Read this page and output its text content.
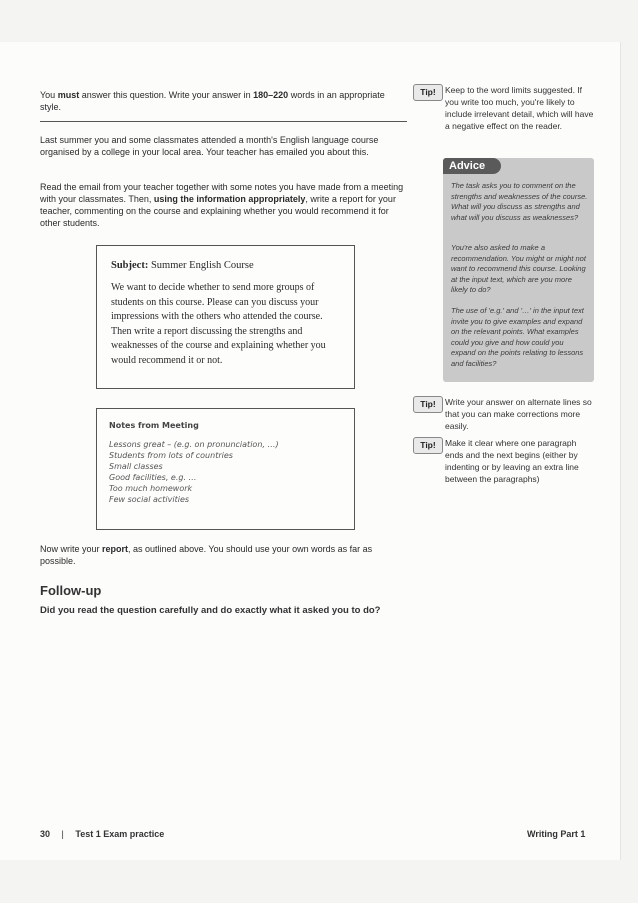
You must answer this question. Write your answer in 180–220 words in an appropriate style.
Last summer you and some classmates attended a month's English language course organised by a college in your local area. Your teacher has emailed you about this.
Read the email from your teacher together with some notes you have made from a meeting with your classmates. Then, using the information appropriately, write a report for your teacher, commenting on the course and explaining whether you would recommend it for other students.
Subject: Summer English Course
We want to decide whether to send more groups of students on this course. Please can you discuss your impressions with the others who attended the course. Then write a report discussing the strengths and weaknesses of the course and explaining whether you would recommend it or not.
Notes from Meeting
Lessons great – (e.g. on pronunciation, …)
Students from lots of countries
Small classes
Good facilities, e.g. …
Too much homework
Few social activities
Now write your report, as outlined above. You should use your own words as far as possible.
Follow-up
Did you read the question carefully and do exactly what it asked you to do?
Tip!	Keep to the word limits suggested. If you write too much, you're likely to include irrelevant detail, which will have a negative effect on the reader.
Advice
The task asks you to comment on the strengths and weaknesses of the course. What will you discuss as strengths and what will you discuss as weaknesses?
You're also asked to make a recommendation. You might or might not want to recommend this course. Looking at the input text, which are you more likely to do?
The use of 'e.g.' and '…' in the input text invite you to give examples and expand on the relevant points. What examples could you give and how could you expand on the points relating to lessons and facilities?
Tip!	Write your answer on alternate lines so that you can make corrections more easily.
Tip!	Make it clear where one paragraph ends and the next begins (either by indenting or by leaving an extra line between the paragraphs)
30 | Test 1 Exam practice	Writing Part 1
